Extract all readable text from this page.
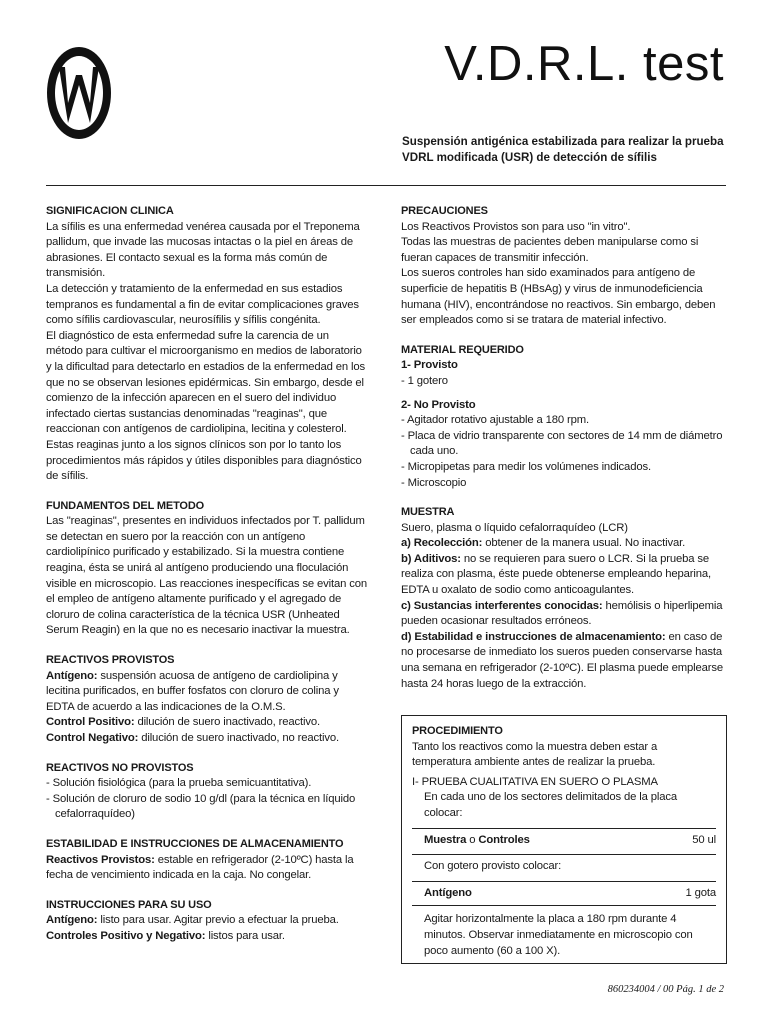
V.D.R.L. test
Suspensión antigénica estabilizada para realizar la prueba VDRL modificada (USR) de detección de sífilis

SIGNIFICACION CLINICA

La sífilis es una enfermedad venérea causada por el Treponema pallidum, que invade las mucosas intactas o la piel en áreas de abrasiones. El contacto sexual es la forma más común de transmisión.

La detección y tratamiento de la enfermedad en sus estadios tempranos es fundamental a fin de evitar complicaciones graves como sífilis cardiovascular, neurosífilis y sífilis congénita.

El diagnóstico de esta enfermedad sufre la carencia de un método para cultivar el microorganismo en medios de laboratorio y la dificultad para detectarlo en estadios de la enfermedad en los que no se observan lesiones epidérmicas. Sin embargo, desde el comienzo de la infección aparecen en el suero del individuo infectado ciertas sustancias denominadas "reaginas", que reaccionan con antígenos de cardiolipina, lecitina y colesterol. Estas reaginas junto a los signos clínicos son por lo tanto los procedimientos más rápidos y útiles disponibles para diagnóstico de sífilis.

FUNDAMENTOS DEL METODO

Las "reaginas", presentes en individuos infectados por T. pallidum se detectan en suero por la reacción con un antígeno cardiolipínico purificado y estabilizado. Si la muestra contiene reagina, ésta se unirá al antígeno produciendo una floculación visible en microscopio. Las reacciones inespecíficas se evitan con el empleo de antígeno altamente purificado y el agregado de cloruro de colina característica de la técnica USR (Unheated Serum Reagin) en la que no es necesario inactivar la muestra.

REACTIVOS PROVISTOS

Antígeno: suspensión acuosa de antígeno de cardiolipina y lecitina purificados, en buffer fosfatos con cloruro de colina y EDTA de acuerdo a las indicaciones de la O.M.S.

Control Positivo: dilución de suero inactivado, reactivo.

Control Negativo: dilución de suero inactivado, no reactivo.

REACTIVOS NO PROVISTOS

- Solución fisiológica (para la prueba semicuantitativa).
- Solución de cloruro de sodio 10 g/dl (para la técnica en líquido cefalorraquídeo)

ESTABILIDAD E INSTRUCCIONES DE ALMACENAMIENTO

Reactivos Provistos: estable en refrigerador (2-10ºC) hasta la fecha de vencimiento indicada en la caja. No congelar.

INSTRUCCIONES PARA SU USO

Antígeno: listo para usar. Agitar previo a efectuar la prueba.

Controles Positivo y Negativo: listos para usar.

PRECAUCIONES

Los Reactivos Provistos son para uso "in vitro".

Todas las muestras de pacientes deben manipularse como si fueran capaces de transmitir infección.

Los sueros controles han sido examinados para antígeno de superficie de hepatitis B (HBsAg) y virus de inmunodeficiencia humana (HIV), encontrándose no reactivos. Sin embargo, deben ser empleados como si se tratara de material infectivo.

MATERIAL REQUERIDO

1- Provisto

- 1 gotero

2- No Provisto

- Agitador rotativo ajustable a 180 rpm.
- Placa de vidrio transparente con sectores de 14 mm de diámetro cada uno.
- Micropipetas para medir los volúmenes indicados.
- Microscopio

MUESTRA

Suero, plasma o líquido cefalorraquídeo (LCR)

a) Recolección: obtener de la manera usual. No inactivar.

b) Aditivos: no se requieren para suero o LCR. Si la prueba se realiza con plasma, éste puede obtenerse empleando heparina, EDTA u oxalato de sodio como anticoagulantes.

c) Sustancias interferentes conocidas: hemólisis o hiperlipemia pueden ocasionar resultados erróneos.

d) Estabilidad e instrucciones de almacenamiento: en caso de no procesarse de inmediato los sueros pueden conservarse hasta una semana en refrigerador (2-10ºC). El plasma puede emplearse hasta 24 horas luego de la extracción.

PROCEDIMIENTO

Tanto los reactivos como la muestra deben estar a temperatura ambiente antes de realizar la prueba.

I- PRUEBA CUALITATIVA EN SUERO O PLASMA

En cada uno de los sectores delimitados de la placa colocar:

Muestra o Controles	50 ul
Con gotero provisto colocar:
Antígeno	1 gota

Agitar horizontalmente la placa a 180 rpm durante 4 minutos. Observar inmediatamente en microscopio con poco aumento (60 a 100 X).

860234004 / 00 Pág. 1 de 2
